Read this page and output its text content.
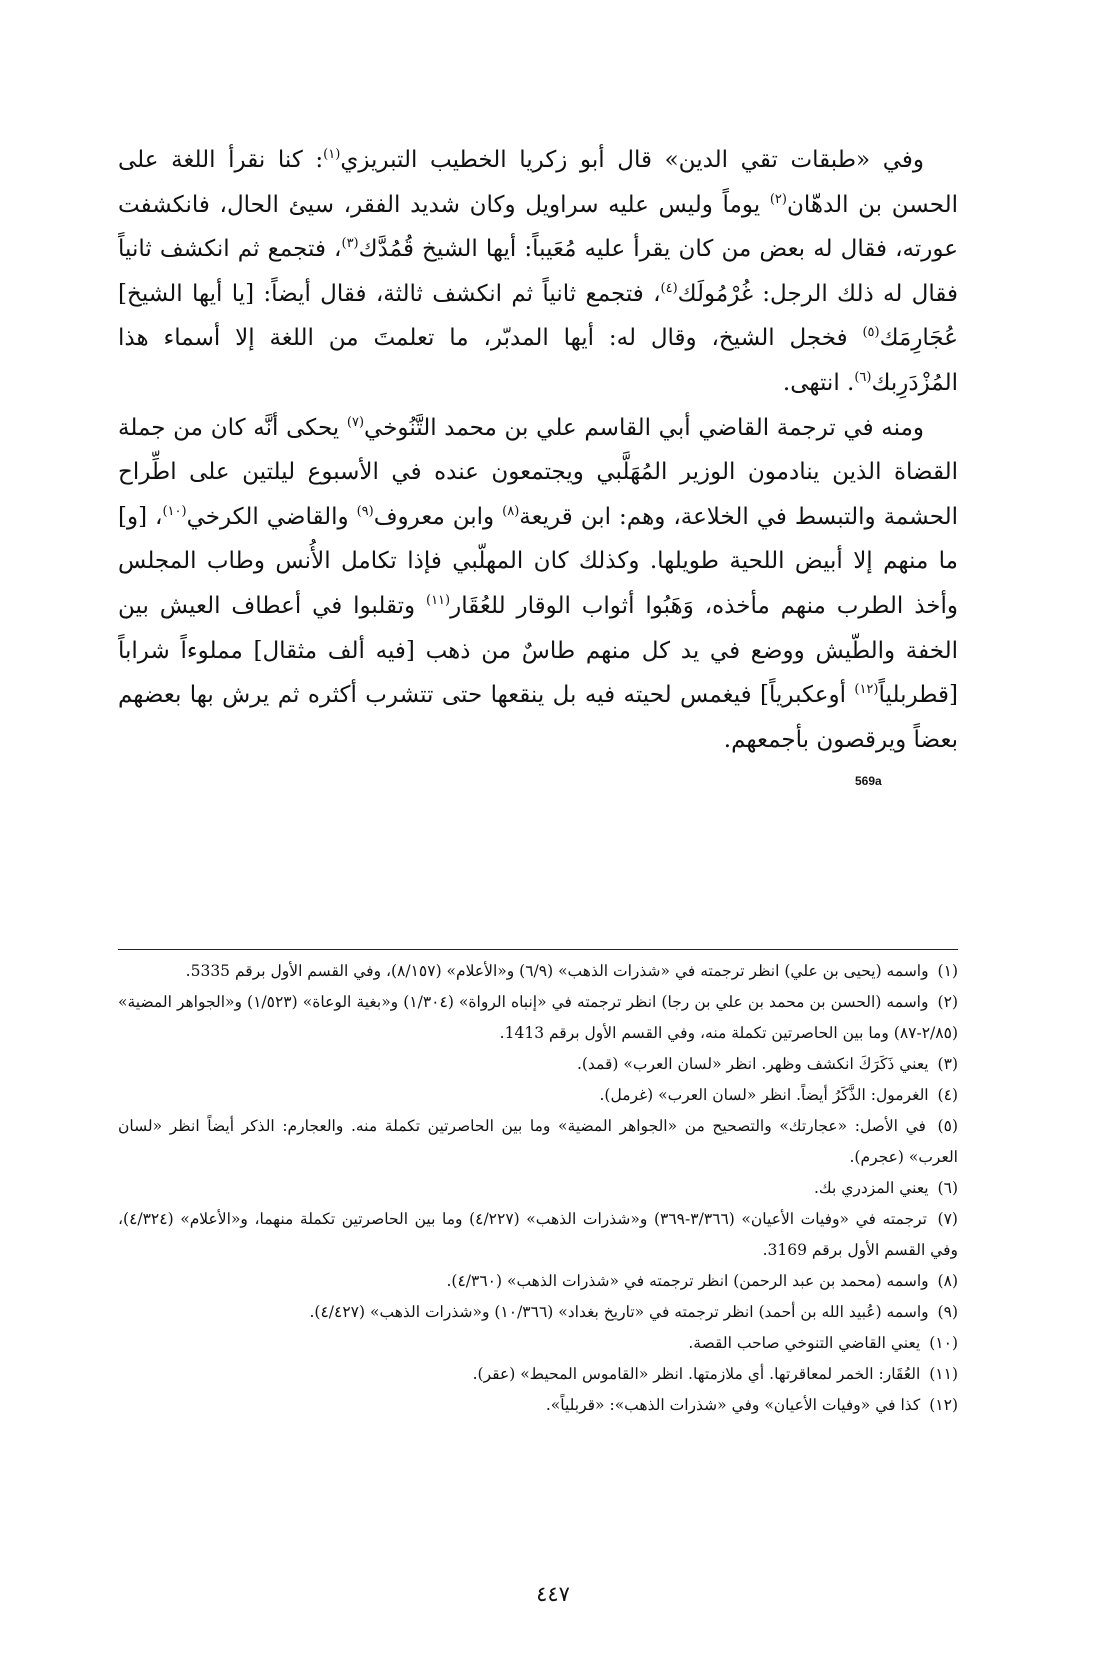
وفي «طبقات تقي الدين» قال أبو زكريا الخطيب التبريزي$^{(١)}$: كنا نقرأ اللغة على الحسن بن الدهّان$^{(٢)}$ يوماً وليس عليه سراويل وكان شديد الفقر، سيئ الحال، فانكشفت عورته، فقال له بعض من كان يقرأ عليه مُعَيباً: أيها الشيخ قُمُدَّك$^{(٣)}$، فتجمع ثم انكشف ثانياً فقال له ذلك الرجل: غُرْمُولَك$^{(٤)}$، فتجمع ثانياً ثم انكشف ثالثة، فقال أيضاً: [يا أيها الشيخ] عُجَارِمَك$^{(٥)}$ فخجل الشيخ، وقال له: أيها المدبّر، ما تعلمتَ من اللغة إلا أسماء هذا المُزْدَرِبك$^{(٦)}$. انتهى.

ومنه في ترجمة القاضي أبي القاسم علي بن محمد التَّنُوخي$^{(٧)}$ يحكى أنَّه كان من جملة القضاة الذين ينادمون الوزير المُهَلَّبي ويجتمعون عنده في الأسبوع ليلتين على اطِّراح الحشمة والتبسط في الخلاعة، وهم: ابن قريعة$^{(٨)}$ وابن معروف$^{(٩)}$ والقاضي الكرخي$^{(١٠)}$، [و] ما منهم إلا أبيض اللحية طويلها. وكذلك كان المهلّبي فإذا تكامل الأُنس وطاب المجلس وأخذ الطرب منهم مأخذه، وَهَبُوا أثواب الوقار للعُقَار$^{(١١)}$ وتقلبوا في أعطاف العيش بين الخفة والطّيش ووضع في يد كل منهم طاسٌ من ذهب [فيه ألف مثقال] مملوءاً شراباً [قطربلياً$^{(١٢)}$ أوعكبرياً] فيغمس لحيته فيه بل ينقعها حتى تتشرب أكثره ثم يرش بها بعضهم بعضاً ويرقصون بأجمعهم.

569a

(١) واسمه (يحيى بن علي) انظر ترجمته في «شذرات الذهب» (٦/٩) و«الأعلام» (٨/١٥٧)، وفي القسم الأول برقم 5335.

(٢) واسمه (الحسن بن محمد بن علي بن رجا) انظر ترجمته في «إنباه الرواة» (١/٣٠٤) و«بغية الوعاة» (١/٥٢٣) و«الجواهر المضية» (٢/٨٥-٨٧) وما بين الحاصرتين تكملة منه، وفي القسم الأول برقم 1413.

(٣) يعني ذَكَرَكَ انكشف وظهر. انظر «لسان العرب» (قمد).

(٤) الغرمول: الذَّكَرُ أيضاً. انظر «لسان العرب» (غرمل).

(٥) في الأصل: «عجارتك» والتصحيح من «الجواهر المضية» وما بين الحاصرتين تكملة منه. والعجارم: الذكر أيضاً انظر «لسان العرب» (عجرم).

(٦) يعني المزدري بك.

(٧) ترجمته في «وفيات الأعيان» (٣/٣٦٦-٣٦٩) و«شذرات الذهب» (٤/٢٢٧) وما بين الحاصرتين تكملة منهما، و«الأعلام» (٤/٣٢٤)، وفي القسم الأول برقم 3169.

(٨) واسمه (محمد بن عبد الرحمن) انظر ترجمته في «شذرات الذهب» (٤/٣٦٠).

(٩) واسمه (عُبيد الله بن أحمد) انظر ترجمته في «تاريخ بغداد» (١٠/٣٦٦) و«شذرات الذهب» (٤/٤٢٧).

(١٠) يعني القاضي التنوخي صاحب القصة.

(١١) العُقَار: الخمر لمعاقرتها. أي ملازمتها. انظر «القاموس المحيط» (عقر).

(١٢) كذا في «وفيات الأعيان» وفي «شذرات الذهب»: «قربلياً».

٤٤٧
